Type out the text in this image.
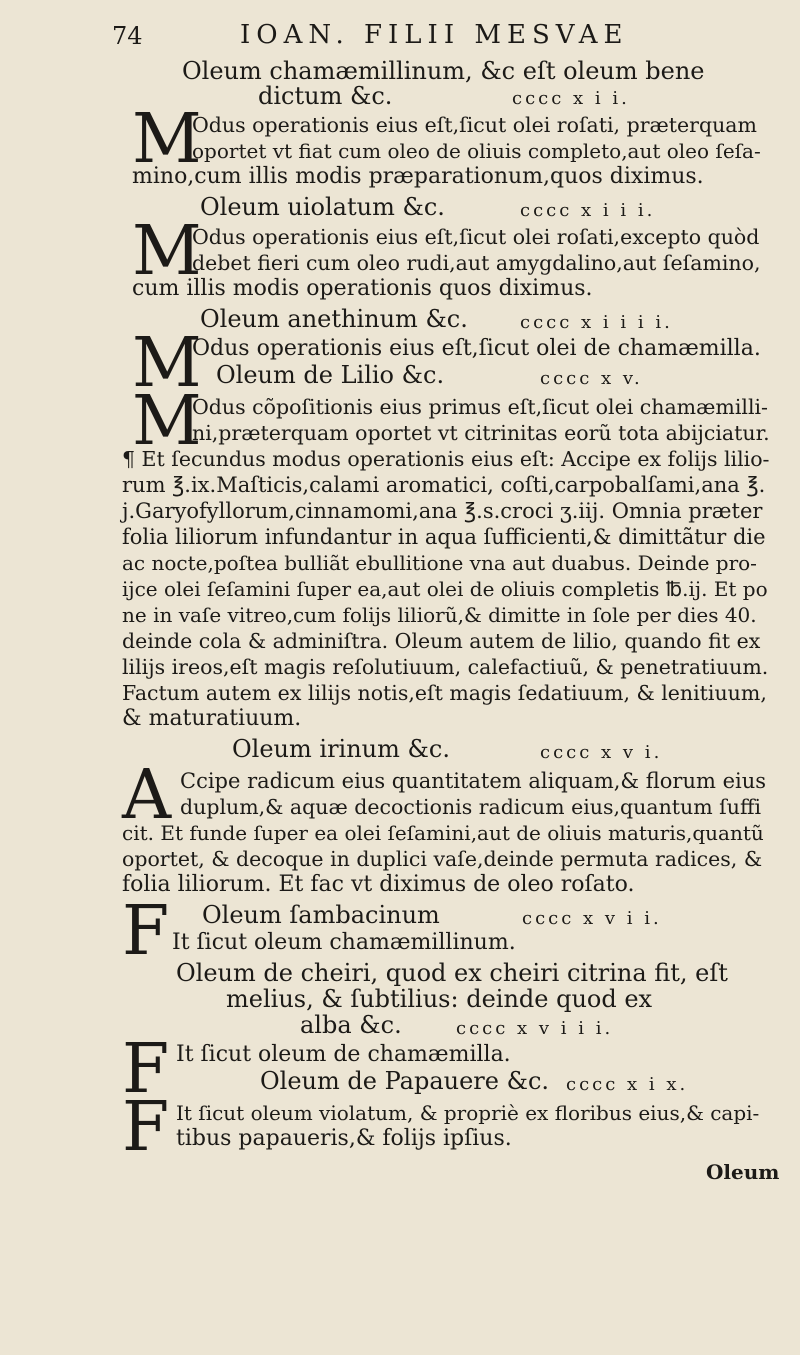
74	IOAN. FILII MESVAE
Oleum chamæmillinum, &c eſt oleum bene
dictum &c.	cccc x i i.
M
Odus operationis eius eſt,ſicut olei roſati, præterquam
oportet vt fiat cum oleo de oliuis completo,aut oleo ſeſa-
mino,cum illis modis præparationum,quos diximus.
Oleum uiolatum &c.	cccc x i i i.
M
Odus operationis eius eſt,ſicut olei roſati,excepto quòd
debet fieri cum oleo rudi,aut amygdalino,aut ſeſamino,
cum illis modis operationis quos diximus.
Oleum anethinum &c.	cccc x i i i i.
M
Odus operationis eius eſt,ſicut olei de chamæmilla.
Oleum de Lilio &c.	cccc x v.
M
Odus cõpoſitionis eius primus eſt,ſicut olei chamæmilli-
ni,præterquam oportet vt citrinitas eorũ tota abijciatur.
¶ Et ſecundus modus operationis eius eſt: Accipe ex folijs lilio-
rum ℥.ix.Maſticis,calami aromatici, coſti,carpobalſami,ana ℥.
j.Garyofyllorum,cinnamomi,ana ℥.s.croci ʒ.iij. Omnia præter
folia liliorum infundantur in aqua ſufficienti,& dimittãtur die
ac nocte,poſtea bulliãt ebullitione vna aut duabus. Deinde pro-
ijce olei ſeſamini ſuper ea,aut olei de oliuis completis ℔.ij. Et po
ne in vaſe vitreo,cum folijs liliorũ,& dimitte in ſole per dies 40.
deinde cola & adminiſtra. Oleum autem de lilio, quando fit ex
lilijs ireos,eſt magis reſolutiuum, calefactiuũ, & penetratiuum.
Factum autem ex lilijs notis,eſt magis ſedatiuum, & lenitiuum,
& maturatiuum.
Oleum irinum &c.	cccc x v i.
A Ccipe radicum eius quantitatem aliquam,& florum eius
duplum,& aquæ decoctionis radicum eius,quantum ſuffi
cit. Et funde ſuper ea olei ſeſamini,aut de oliuis maturis,quantũ
oportet, & decoque in duplici vaſe,deinde permuta radices, &
folia liliorum. Et fac vt diximus de oleo roſato.
F Oleum ſambacinum	cccc x v i i.
It ſicut oleum chamæmillinum.
Oleum de cheiri, quod ex cheiri citrina fit, eſt
melius, & ſubtilius: deinde quod ex
alba &c.	cccc x v i i i.
F It ſicut oleum de chamæmilla.
Oleum de Papauere &c. cccc x i x.
F It ſicut oleum violatum, & propriè ex floribus eius,& capi-
tibus papaueris,& folijs ipſius.
Oleum
